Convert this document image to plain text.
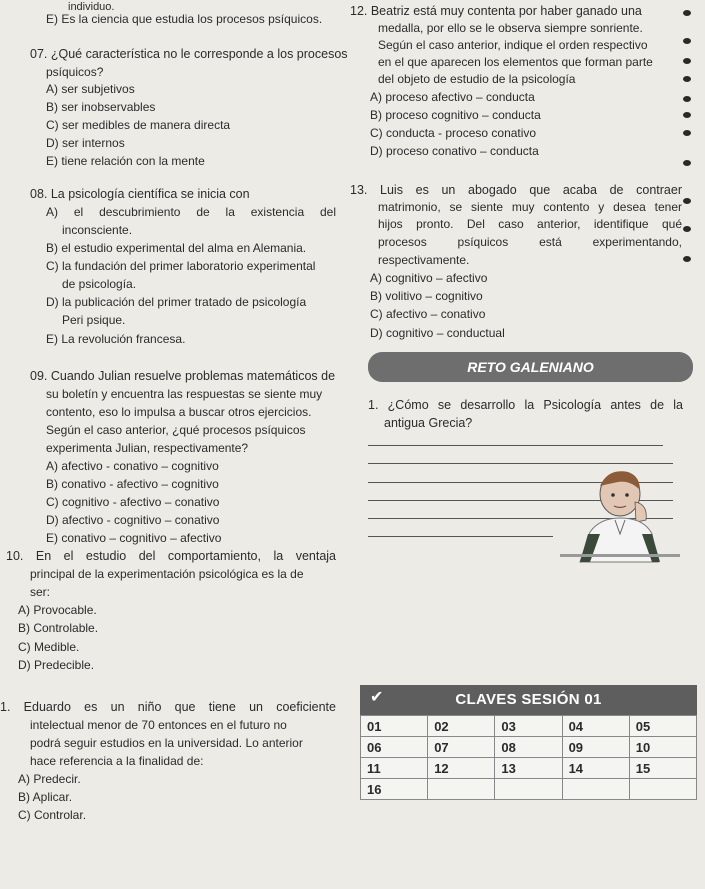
individuo.
E) Es la ciencia que estudia los procesos psíquicos.
07. ¿Qué característica no le corresponde a los procesos
psíquicos?
A) ser subjetivos
B) ser inobservables
C) ser medibles de manera directa
D) ser internos
E) tiene relación con la mente
08. La psicología científica se inicia con
A) el descubrimiento de la existencia del
inconsciente.
B) el estudio experimental del alma en Alemania.
C) la fundación del primer laboratorio experimental
de psicología.
D) la publicación del primer tratado de psicología
Peri psique.
E) La revolución francesa.
09. Cuando Julian resuelve problemas matemáticos de
su boletín y encuentra las respuestas se siente muy
contento, eso lo impulsa a buscar otros ejercicios.
Según el caso anterior, ¿qué procesos psíquicos
experimenta Julian, respectivamente?
A) afectivo - conativo – cognitivo
B) conativo - afectivo – cognitivo
C) cognitivo - afectivo – conativo
D) afectivo - cognitivo – conativo
E) conativo – cognitivo – afectivo
10. En el estudio del comportamiento, la ventaja
principal de la experimentación psicológica es la de
ser:
A) Provocable.
B) Controlable.
C) Medible.
D) Predecible.
1. Eduardo es un niño que tiene un coeficiente
intelectual menor de 70 entonces en el futuro no
podrá seguir estudios en la universidad. Lo anterior
hace referencia a la finalidad de:
A) Predecir.
B) Aplicar.
C) Controlar.
12. Beatriz está muy contenta por haber ganado una
medalla, por ello se le observa siempre sonriente.
Según el caso anterior, indique el orden respectivo
en el que aparecen los elementos que forman parte
del objeto de estudio de la psicología
A) proceso afectivo – conducta
B) proceso cognitivo – conducta
C) conducta - proceso conativo
D) proceso conativo – conducta
13. Luis es un abogado que acaba de contraer
matrimonio, se siente muy contento y desea tener
hijos pronto. Del caso anterior, identifique qué
procesos psíquicos está experimentando,
respectivamente.
A) cognitivo – afectivo
B) volitivo – cognitivo
C) afectivo – conativo
D) cognitivo – conductual
RETO GALENIANO
1. ¿Cómo se desarrollo la Psicología antes de la
antigua Grecia?
CLAVES SESIÓN 01
✔
01	02	03	04	05
06	07	08	09	10
11	12	13	14	15
16				
